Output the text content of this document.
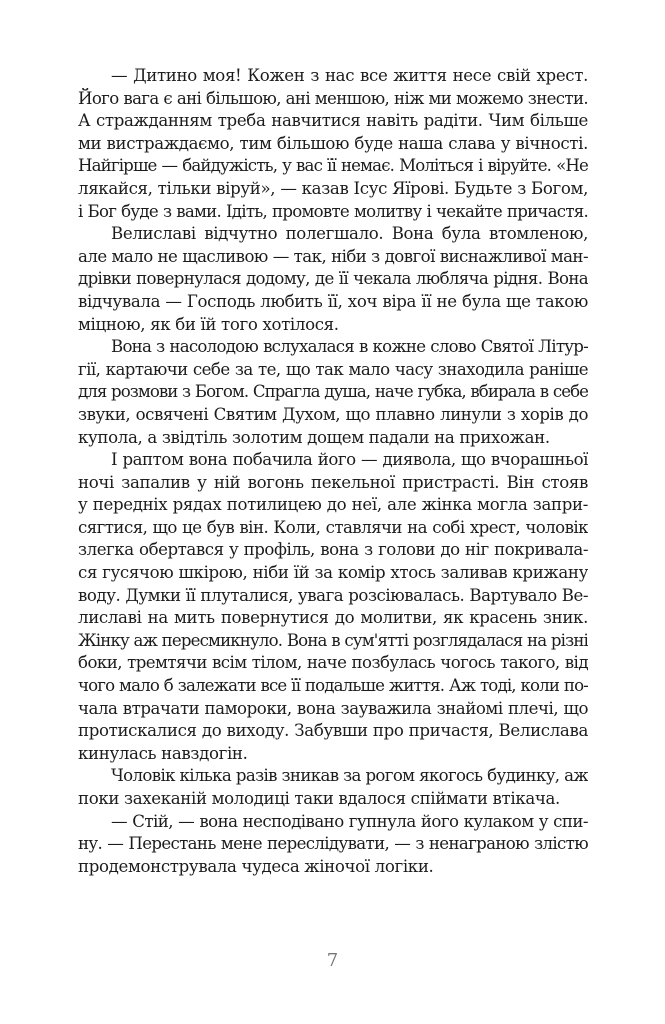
— Дитино моя! Кожен з нас все життя несе свій хрест.
Його вага є ані більшою, ані меншою, ніж ми можемо знести.
А стражданням треба навчитися навіть радіти. Чим більше
ми вистраждаємо, тим більшою буде наша слава у вічності.
Найгірше — байдужість, у вас її немає. Моліться і віруйте. «Не
лякайся, тільки віруй», — казав Ісус Яїрові. Будьте з Богом,
і Бог буде з вами. Ідіть, промовте молитву і чекайте причастя.
Велиславі відчутно полегшало. Вона була втомленою,
але мало не щасливою — так, ніби з довгої виснажливої ман-
дрівки повернулася додому, де її чекала любляча рідня. Вона
відчувала — Господь любить її, хоч віра її не була ще такою
міцною, як би їй того хотілося.
Вона з насолодою вслухалася в кожне слово Святої Літур-
гії, картаючи себе за те, що так мало часу знаходила раніше
для розмови з Богом. Спрагла душа, наче губка, вбирала в себе
звуки, освячені Святим Духом, що плавно линули з хорів до
купола, а звідтіль золотим дощем падали на прихожан.
І раптом вона побачила його — диявола, що вчорашньої
ночі запалив у ній вогонь пекельної пристрасті. Він стояв
у передніх рядах потилицею до неї, але жінка могла запри-
сягтися, що це був він. Коли, ставлячи на собі хрест, чоловік
злегка обертався у профіль, вона з голови до ніг покривала-
ся гусячою шкірою, ніби їй за комір хтось заливав крижану
воду. Думки її плуталися, увага розсіювалась. Вартувало Ве-
лиславі на мить повернутися до молитви, як красень зник.
Жінку аж пересмикнуло. Вона в сум'ятті розглядалася на різні
боки, тремтячи всім тілом, наче позбулась чогось такого, від
чого мало б залежати все її подальше життя. Аж тоді, коли по-
чала втрачати памороки, вона зауважила знайомі плечі, що
протискалися до виходу. Забувши про причастя, Велислава
кинулась навздогін.
Чоловік кілька разів зникав за рогом якогось будинку, аж
поки захеканій молодиці таки вдалося спіймати втікача.
— Стій, — вона несподівано гупнула його кулаком у спи-
ну. — Перестань мене переслідувати, — з ненаграною злістю
продемонструвала чудеса жіночої логіки.
7
